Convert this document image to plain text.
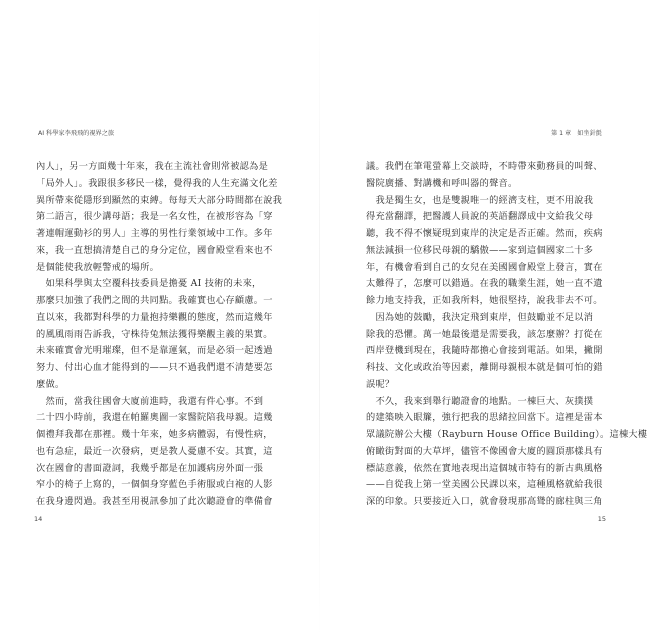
AI 科學家李飛飛的視界之旅
內人」，另一方面幾十年來，我在主流社會則常被認為是
「局外人」。我跟很多移民一樣，覺得我的人生充滿文化差
異所帶來從隱形到顯然的束縛。每每天大部分時間都在說我
第二語言，很少講母語；我是一名女性，在被形容為「穿
著連帽運動衫的男人」主導的男性行業領域中工作。多年
來，我一直想搞清楚自己的身分定位，國會殿堂看來也不
是個能使我放輕警戒的場所。
　如果科學與太空覆科技委員是擔憂 AI 技術的未來，
那麼只加強了我們之間的共同點。我確實也心存顧慮。一
直以來，我都對科學的力量抱持樂觀的態度，然而這幾年
的風風雨雨告訴我，守株待兔無法獲得樂觀主義的果實。
未來確實會光明璀璨，但不是靠運氣，而是必須一起透過
努力、付出心血才能得到的——只不過我們還不清楚要怎
麼做。
　然而，當我往國會大廈前進時，我還有件心事。不到
二十四小時前，我還在帕羅奧圖一家醫院陪我母親。這幾
個禮拜我都在那裡。幾十年來，她多病體弱，有慢性病，
也有急症，最近一次發病，更是教人憂慮不安。其實，這
次在國會的書面證詞，我幾乎都是在加護病房外面一張
窄小的椅子上寫的，一個個身穿藍色手術服或白袍的人影
在我身邊閃過。我甚至用視訊參加了此次聽證會的準備會
14
第 1 章 如坐針氈
議。我們在筆電螢幕上交談時，不時帶來動務員的叫聲、
醫院廣播、對講機和呼叫器的聲音。
　我是獨生女，也是雙親唯一的經濟支柱，更不用說我
得充當翻譯，把醫護人員說的英語翻譯成中文給我父母
聽，我不得不懷疑現到東岸的決定是否正確。然而，疾病
無法減損一位移民母親的驕傲——家到這個國家二十多
年，有機會看到自己的女兒在美國國會殿堂上發言，實在
太難得了，怎麼可以錯過。在我的職業生涯，她一直不遺
餘力地支持我，正如我所料，她很堅持，說我非去不可。
　因為她的鼓勵，我決定飛到東岸，但鼓勵並不足以消
除我的恐懼。萬一她最後還是需要我，該怎麼辦？打從在
西岸登機到現在，我隨時都擔心會接到電話。如果，撇開
科技、文化或政治等因素，離開母親根本就是個可怕的錯
誤呢？
　不久，我來到舉行聽證會的地點。一棟巨大、灰撲撲
的建築映入眼簾，強行把我的思緒拉回當下。這裡是雷本
眾議院辦公大樓（Rayburn House Office Building）。這棟大樓
俯瞰街對面的大草坪，儘管不像國會大廈的圓頂那樣具有
標誌意義，依然在實地表現出這個城市特有的新古典風格
——自從我上第一堂美國公民課以來，這種風格就給我很
深的印象。只要接近入口，就會發現那高聳的廊柱與三角
15
